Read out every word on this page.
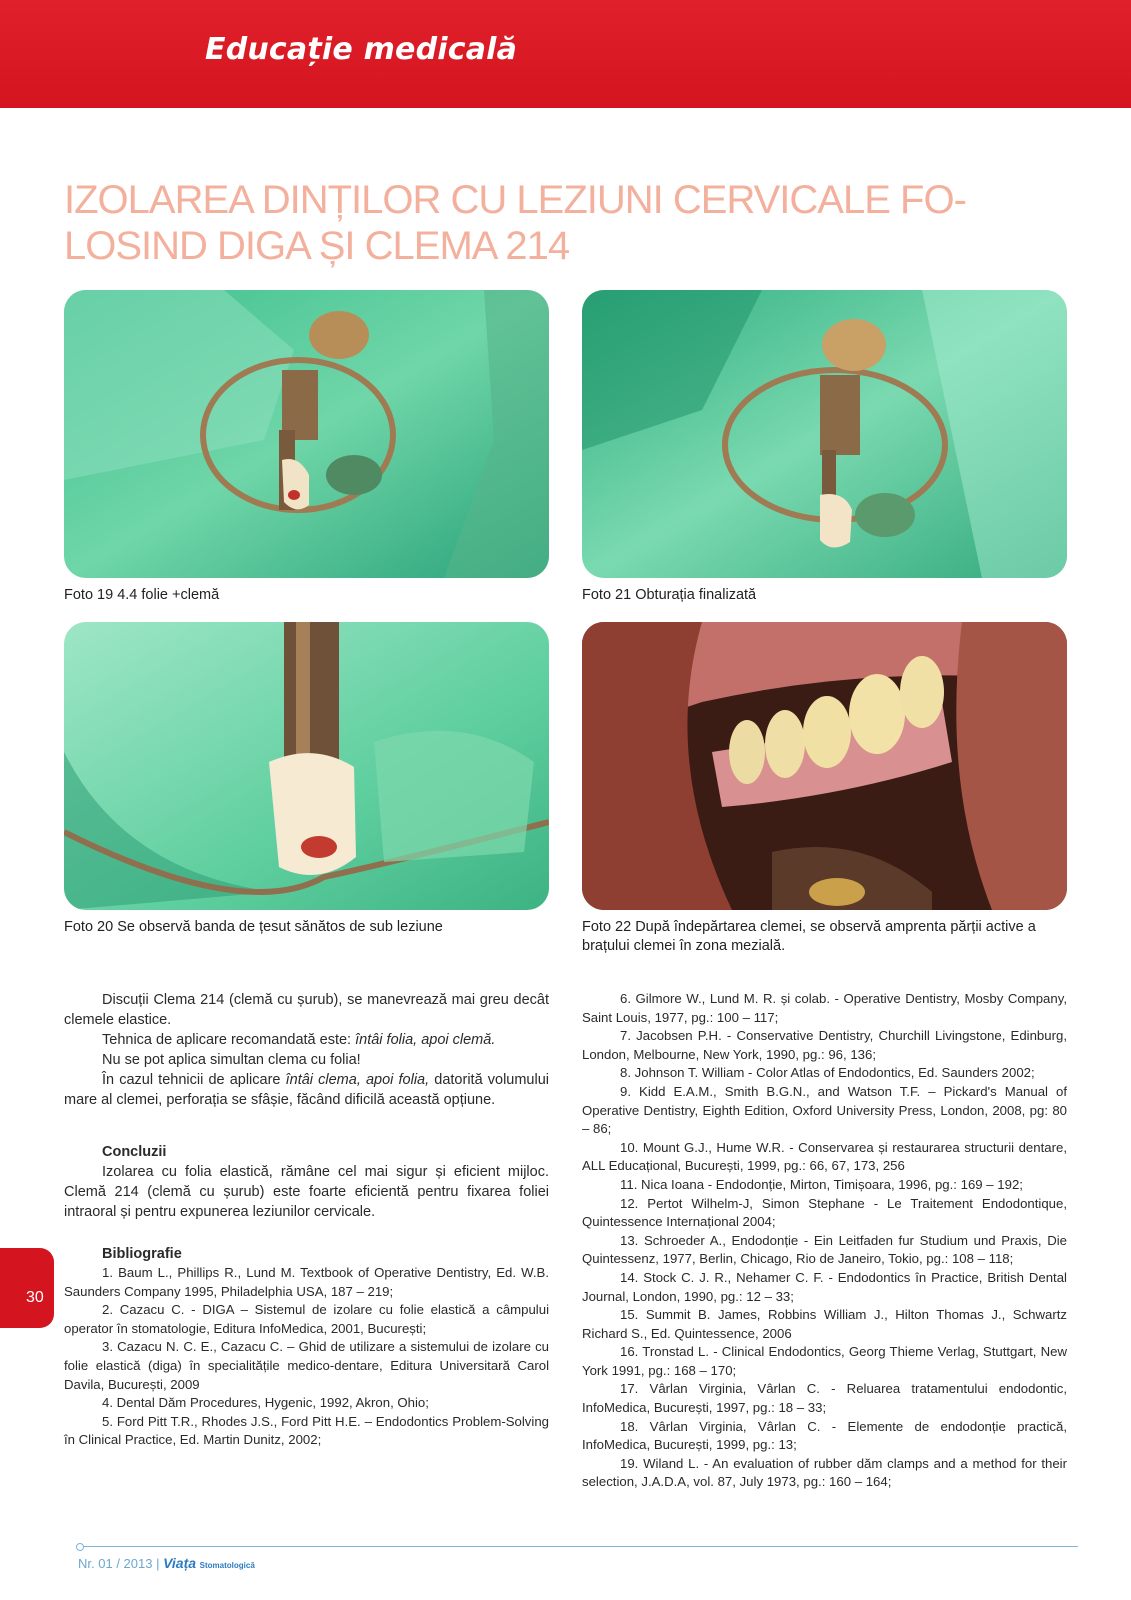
Educație medicală
IZOLAREA DINȚILOR CU LEZIUNI CERVICALE FO-
LOSIND DIGA ȘI CLEMA 214
Foto 19 4.4 folie +clemă	Foto 21 Obturația finalizată
Foto 20 Se observă banda de țesut sănătos de sub leziune	Foto 22 După îndepărtarea clemei, se observă amprenta părții active a brațului clemei în zona mezială.

Discuții Clema 214 (clemă cu șurub), se manevrează mai greu decât clemele elastice.

Tehnica de aplicare recomandată este: întâi folia, apoi clemă.

Nu se pot aplica simultan clema cu folia!

În cazul tehnicii de aplicare întâi clema, apoi folia, datorită volumului mare al clemei, perforația se sfâșie, făcând dificilă această opțiune.

Concluzii

Izolarea cu folia elastică, rămâne cel mai sigur și eficient mijloc. Clemă 214 (clemă cu șurub) este foarte eficientă pentru fixarea foliei intraoral și pentru expunerea leziunilor cervicale.

Bibliografie

1. Baum L., Phillips R., Lund M. Textbook of Operative Dentistry, Ed. W.B. Saunders Company 1995, Philadelphia USA, 187 – 219;

2. Cazacu C. - DIGA – Sistemul de izolare cu folie elastică a câmpului operator în stomatologie, Editura InfoMedica, 2001, București;

3. Cazacu N. C. E., Cazacu C. – Ghid de utilizare a sistemului de izolare cu folie elastică (diga) în specialitățile medico-dentare, Editura Universitară Carol Davila, București, 2009

4. Dental Dăm Procedures, Hygenic, 1992, Akron, Ohio;

5. Ford Pitt T.R., Rhodes J.S., Ford Pitt H.E. – Endodontics Problem-Solving în Clinical Practice, Ed. Martin Dunitz, 2002;

6. Gilmore W., Lund M. R. și colab. - Operative Dentistry, Mosby Company, Saint Louis, 1977, pg.: 100 – 117;

7. Jacobsen P.H. - Conservative Dentistry, Churchill Livingstone, Edinburg, London, Melbourne, New York, 1990, pg.: 96, 136;

8. Johnson T. William - Color Atlas of Endodontics, Ed. Saunders 2002;

9. Kidd E.A.M., Smith B.G.N., and Watson T.F. – Pickard's Manual of Operative Dentistry, Eighth Edition, Oxford University Press, London, 2008, pg: 80 – 86;

10. Mount G.J., Hume W.R. - Conservarea și restaurarea structurii dentare, ALL Educațional, București, 1999, pg.: 66, 67, 173, 256

11. Nica Ioana - Endodonție, Mirton, Timișoara, 1996, pg.: 169 – 192;

12. Pertot Wilhelm-J, Simon Stephane - Le Traitement Endodontique, Quintessence Internațional 2004;

13. Schroeder A., Endodonție - Ein Leitfaden fur Studium und Praxis, Die Quintessenz, 1977, Berlin, Chicago, Rio de Janeiro, Tokio, pg.: 108 – 118;

14. Stock C. J. R., Nehamer C. F. - Endodontics în Practice, British Dental Journal, London, 1990, pg.: 12 – 33;

15. Summit B. James, Robbins William J., Hilton Thomas J., Schwartz Richard S., Ed. Quintessence, 2006

16. Tronstad L. - Clinical Endodontics, Georg Thieme Verlag, Stuttgart, New York 1991, pg.: 168 – 170;

17. Vârlan Virginia, Vârlan C. - Reluarea tratamentului endodontic, InfoMedica, București, 1997, pg.: 18 – 33;

18. Vârlan Virginia, Vârlan C. - Elemente de endodonție practică, InfoMedica, București, 1999, pg.: 13;

19. Wiland L. - An evaluation of rubber dăm clamps and a method for their selection, J.A.D.A, vol. 87, July 1973, pg.: 160 – 164;

30
Nr. 01 / 2013 | Viața Stomatologică
